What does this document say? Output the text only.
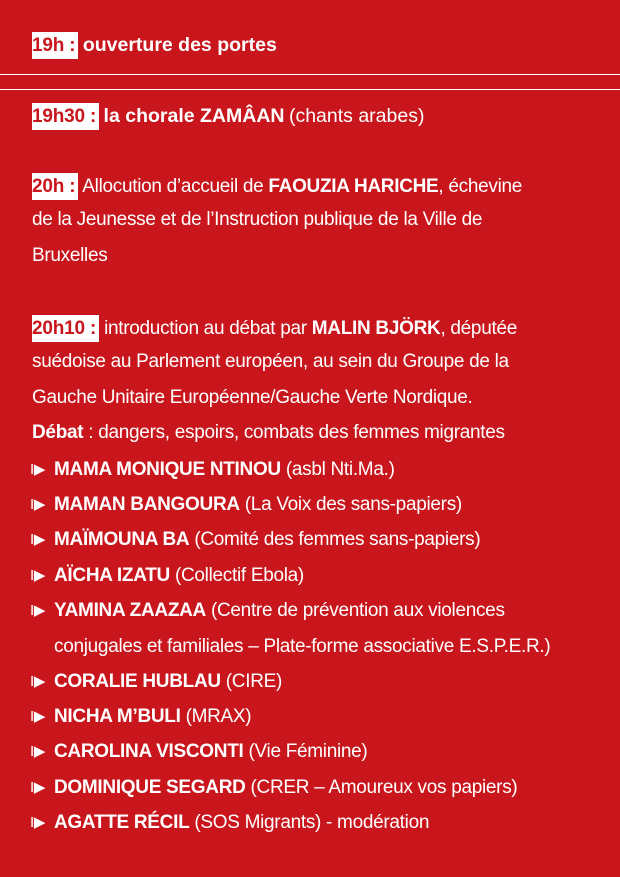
19h : ouverture des portes
19h30 : la chorale ZAMÂAN (chants arabes)
20h : Allocution d’accueil de FAOUZIA HARICHE, échevine
de la Jeunesse et de l’Instruction publique de la Ville de
Bruxelles
20h10 : introduction au débat par MALIN BJÖRK, députée
suédoise au Parlement européen, au sein du Groupe de la
Gauche Unitaire Européenne/Gauche Verte Nordique.
Débat : dangers, espoirs, combats des femmes migrantes
I▶ MAMA MONIQUE NTINOU (asbl Nti.Ma.)
I▶ MAMAN BANGOURA (La Voix des sans-papiers)
I▶ MAÏMOUNA BA (Comité des femmes sans-papiers)
I▶ AÏCHA IZATU (Collectif Ebola)
I▶ YAMINA ZAAZAA (Centre de prévention aux violences
conjugales et familiales – Plate-forme associative E.S.P.E.R.)
I▶ CORALIE HUBLAU (CIRE)
I▶ NICHA M’BULI (MRAX)
I▶ CAROLINA VISCONTI (Vie Féminine)
I▶ DOMINIQUE SEGARD (CRER – Amoureux vos papiers)
I▶ AGATTE RÉCIL (SOS Migrants) - modération
